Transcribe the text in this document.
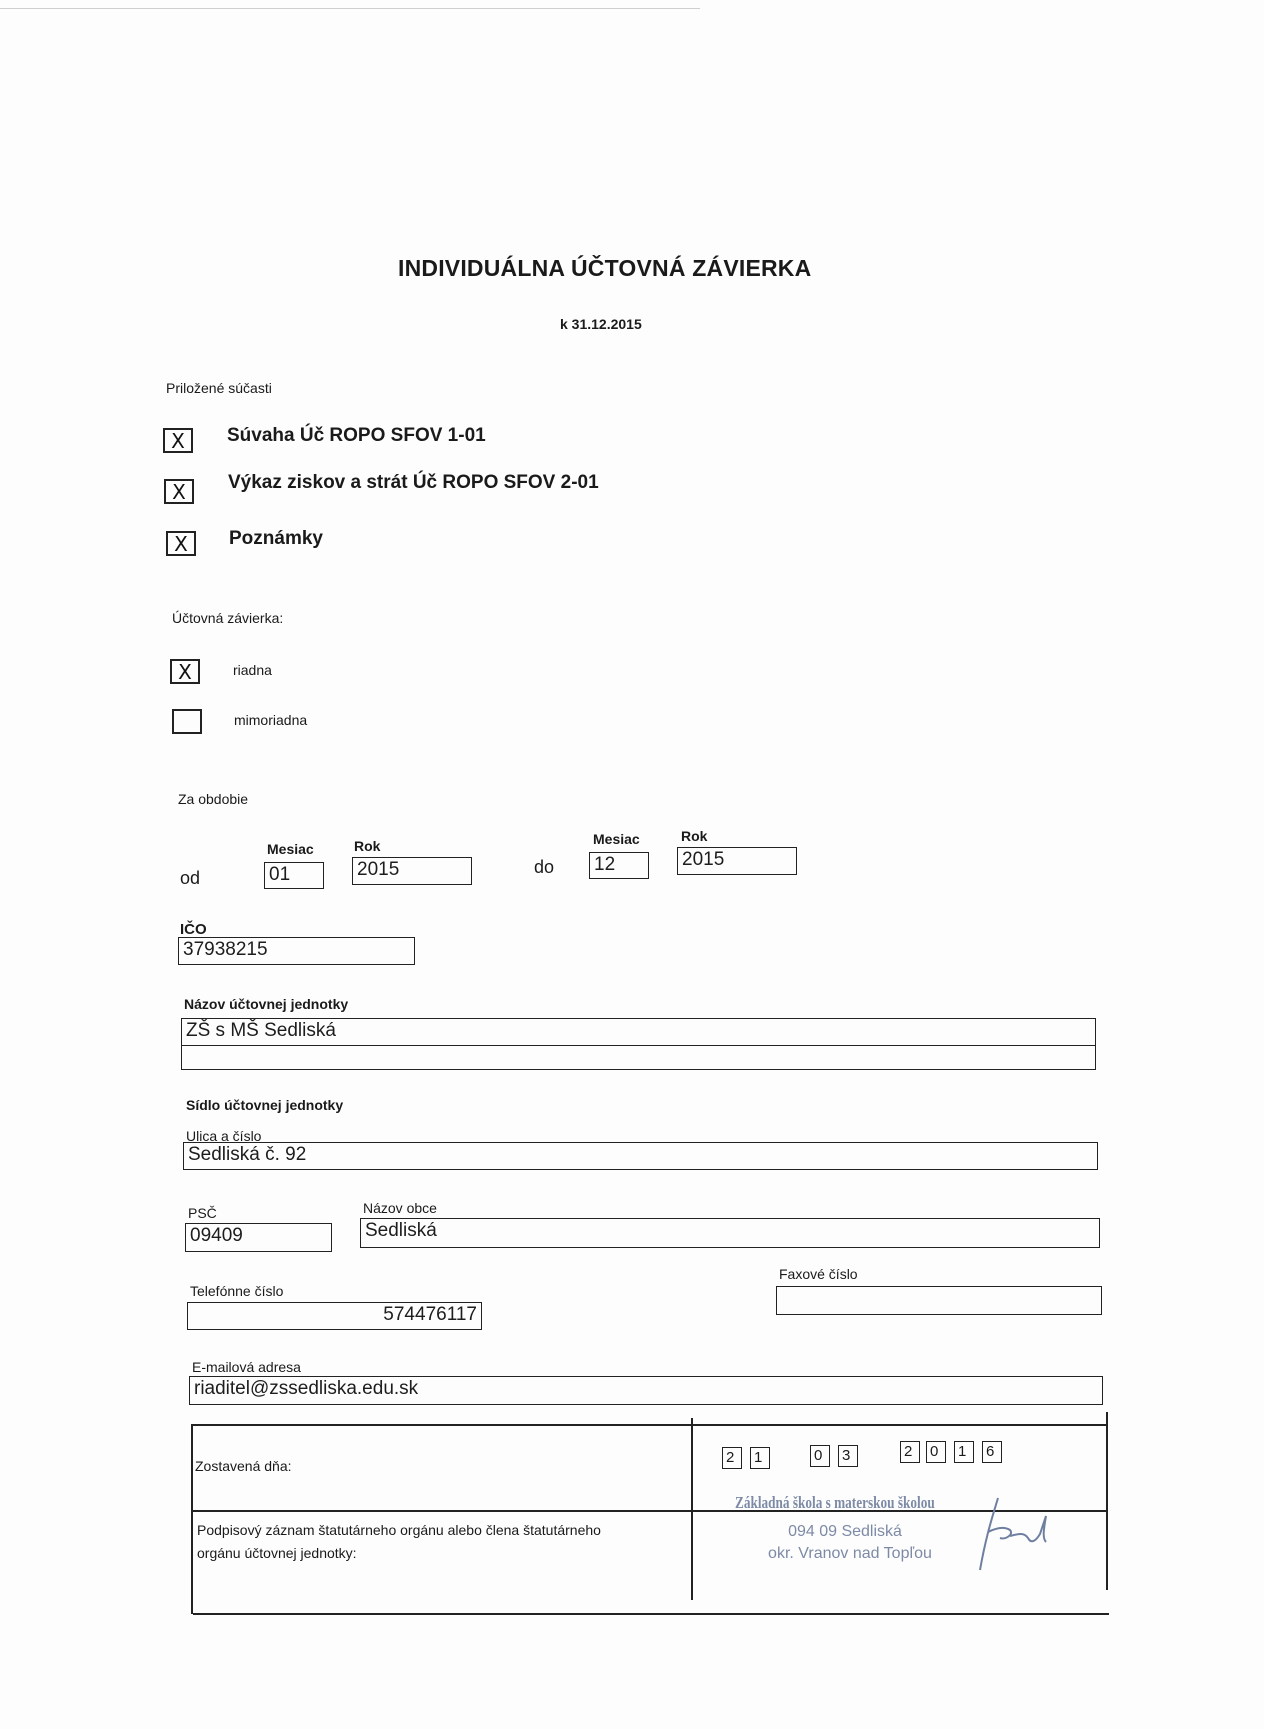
INDIVIDUÁLNA ÚČTOVNÁ ZÁVIERKA
k 31.12.2015
Priložené súčasti
X	Súvaha Úč ROPO SFOV 1-01
X	Výkaz ziskov a strát Úč ROPO SFOV 2-01
X	Poznámky
Účtovná závierka:
X	riadna
mimoriadna
Za obdobie
Mesiac	Rok
od	01	2015
Mesiac	Rok
do 12	2015
IČO
37938215
Názov účtovnej jednotky
ZŠ s MŠ Sedliská
Sídlo účtovnej jednotky
Ulica a číslo
Sedliská č. 92
PSČ
09409
Názov obce
Sedliská
Telefónne číslo
574476117
Faxové číslo
E-mailová adresa
riaditel@zssedliska.edu.sk
Zostavená dňa:	2	1	0	3	2	0	1	6
Podpisový záznam štatutárneho orgánu alebo člena štatutárneho
orgánu účtovnej jednotky:
Základná škola s materskou školou
094 09 Sedliská
okr. Vranov nad Topľou
